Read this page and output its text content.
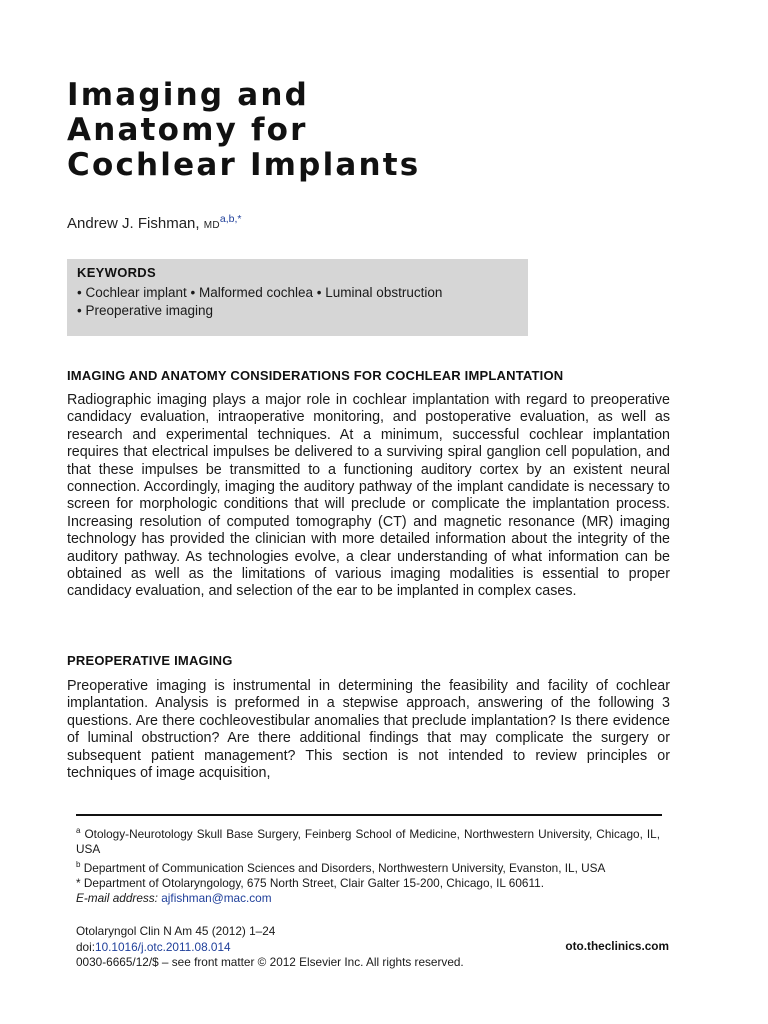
Imaging and
Anatomy for
Cochlear Implants
Andrew J. Fishman, MD$^{a,b,*}$
KEYWORDS
• Cochlear implant • Malformed cochlea • Luminal obstruction
• Preoperative imaging
IMAGING AND ANATOMY CONSIDERATIONS FOR COCHLEAR IMPLANTATION

Radiographic imaging plays a major role in cochlear implantation with regard to preoperative candidacy evaluation, intraoperative monitoring, and postoperative evaluation, as well as research and experimental techniques. At a minimum, successful cochlear implantation requires that electrical impulses be delivered to a surviving spiral ganglion cell population, and that these impulses be transmitted to a functioning auditory cortex by an existent neural connection. Accordingly, imaging the auditory pathway of the implant candidate is necessary to screen for morphologic conditions that will preclude or complicate the implantation process. Increasing resolution of computed tomography (CT) and magnetic resonance (MR) imaging technology has provided the clinician with more detailed information about the integrity of the auditory pathway. As technologies evolve, a clear understanding of what information can be obtained as well as the limitations of various imaging modalities is essential to proper candidacy evaluation, and selection of the ear to be implanted in complex cases.

PREOPERATIVE IMAGING

Preoperative imaging is instrumental in determining the feasibility and facility of cochlear implantation. Analysis is preformed in a stepwise approach, answering of the following 3 questions. Are there cochleovestibular anomalies that preclude implantation? Is there evidence of luminal obstruction? Are there additional findings that may complicate the surgery or subsequent patient management? This section is not intended to review principles or techniques of image acquisition,

$^a$ Otology-Neurotology Skull Base Surgery, Feinberg School of Medicine, Northwestern University, Chicago, IL, USA

$^b$ Department of Communication Sciences and Disorders, Northwestern University, Evanston, IL, USA

* Department of Otolaryngology, 675 North Street, Clair Galter 15-200, Chicago, IL 60611.

E-mail address: ajfishman@mac.com

Otolaryngol Clin N Am 45 (2012) 1–24

doi:10.1016/j.otc.2011.08.014

0030-6665/12/$ – see front matter © 2012 Elsevier Inc. All rights reserved.

oto.theclinics.com
